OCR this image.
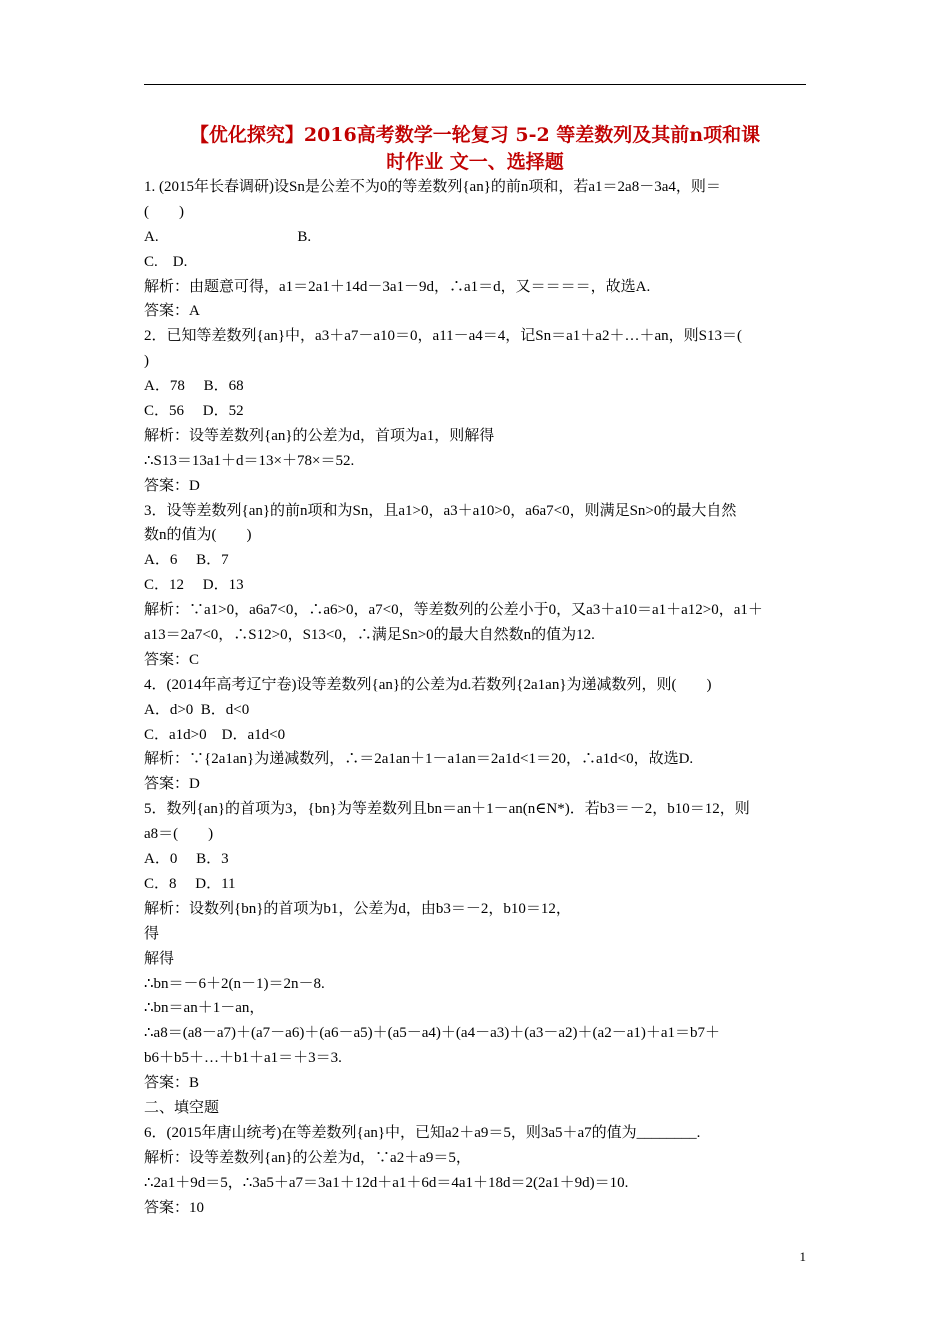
【优化探究】2016高考数学一轮复习 5-2 等差数列及其前n项和课
时作业 文一、选择题
1. (2015年长春调研)设Sn是公差不为0的等差数列{an}的前n项和，若a1＝2a8－3a4，则＝
(　　)
A.                                     B.
C.    D.
解析：由题意可得，a1＝2a1＋14d－3a1－9d，∴a1＝d，又＝＝＝＝，故选A.
答案：A
2．已知等差数列{an}中，a3＋a7－a10＝0，a11－a4＝4，记Sn＝a1＋a2＋…＋an，则S13＝(
)
A．78　 B．68
C．56　 D．52
解析：设等差数列{an}的公差为d，首项为a1，则解得
∴S13＝13a1＋d＝13×＋78×＝52.
答案：D
3．设等差数列{an}的前n项和为Sn，且a1>0，a3＋a10>0，a6a7<0，则满足Sn>0的最大自然
数n的值为(　　)
A．6　 B．7
C．12　 D．13
解析：∵a1>0，a6a7<0，∴a6>0，a7<0，等差数列的公差小于0，又a3＋a10＝a1＋a12>0，a1＋
a13＝2a7<0，∴S12>0，S13<0，∴满足Sn>0的最大自然数n的值为12.
答案：C
4．(2014年高考辽宁卷)设等差数列{an}的公差为d.若数列{2a1an}为递减数列，则(　　)
A．d>0  B．d<0
C．a1d>0    D．a1d<0
解析：∵{2a1an}为递减数列，∴＝2a1an＋1－a1an＝2a1d<1＝20，∴a1d<0，故选D.
答案：D
5．数列{an}的首项为3，{bn}为等差数列且bn＝an＋1－an(n∈N*)．若b3＝－2，b10＝12，则
a8＝(　　)
A．0　 B．3
C．8　 D．11
解析：设数列{bn}的首项为b1，公差为d，由b3＝－2，b10＝12，
得
解得
∴bn＝－6＋2(n－1)＝2n－8.
∴bn＝an＋1－an，
∴a8＝(a8－a7)＋(a7－a6)＋(a6－a5)＋(a5－a4)＋(a4－a3)＋(a3－a2)＋(a2－a1)＋a1＝b7＋
b6＋b5＋…＋b1＋a1＝＋3＝3.
答案：B
二、填空题
6．(2015年唐山统考)在等差数列{an}中，已知a2＋a9＝5，则3a5＋a7的值为________.
解析：设等差数列{an}的公差为d，∵a2＋a9＝5，
∴2a1＋9d＝5，∴3a5＋a7＝3a1＋12d＋a1＋6d＝4a1＋18d＝2(2a1＋9d)＝10.
答案：10
1
